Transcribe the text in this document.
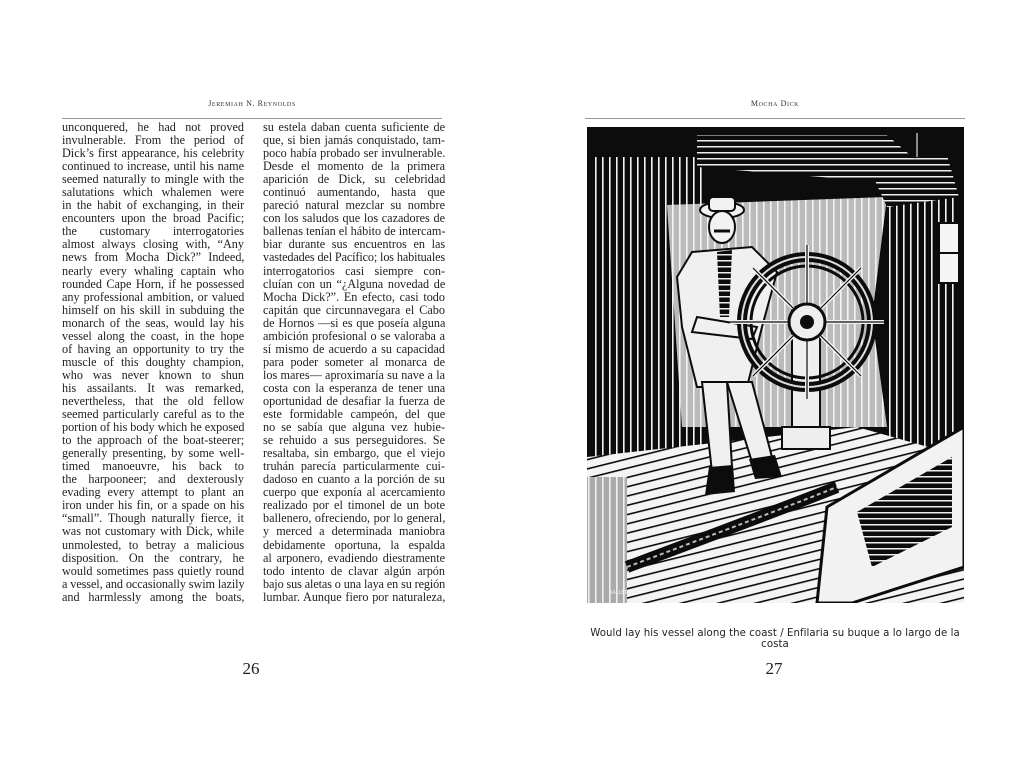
Jeremiah N. Reynolds
unconquered, he had not proved
invulnerable. From the period of
Dick’s first appearance, his celebrity
continued to increase, until his name
seemed naturally to mingle with the
salutations which whalemen were
in the habit of exchanging, in their
encounters upon the broad Pacific;
the customary interrogatories
almost always closing with, “Any
news from Mocha Dick?” Indeed,
nearly every whaling captain who
rounded Cape Horn, if he possessed
any professional ambition, or valued
himself on his skill in subduing the
monarch of the seas, would lay his
vessel along the coast, in the hope
of having an opportunity to try the
muscle of this doughty champion,
who was never known to shun
his assailants. It was remarked,
nevertheless, that the old fellow
seemed particularly careful as to the
portion of his body which he exposed
to the approach of the boat-steerer;
generally presenting, by some well-
timed manoeuvre, his back to
the harpooneer; and dexterously
evading every attempt to plant an
iron under his fin, or a spade on his
“small”. Though naturally fierce, it
was not customary with Dick, while
unmolested, to betray a malicious
disposition. On the contrary, he
would sometimes pass quietly round
a vessel, and occasionally swim lazily
and harmlessly among the boats,
su estela daban cuenta suficiente de
que, si bien jamás conquistado, tam-
poco había probado ser invulnerable.
Desde el momento de la primera
aparición de Dick, su celebridad
continuó aumentando, hasta que
pareció natural mezclar su nombre
con los saludos que los cazadores de
ballenas tenían el hábito de intercam-
biar durante sus encuentros en las
vastedades del Pacífico; los habituales
interrogatorios casi siempre con-
cluían con un “¿Alguna novedad de
Mocha Dick?”. En efecto, casi todo
capitán que circunnavegara el Cabo
de Hornos —si es que poseía alguna
ambición profesional o se valoraba a
sí mismo de acuerdo a su capacidad
para poder someter al monarca de
los mares— aproximaría su nave a la
costa con la esperanza de tener una
oportunidad de desafiar la fuerza de
este formidable campeón, del que
no se sabía que alguna vez hubie-
se rehuido a sus perseguidores. Se
resaltaba, sin embargo, que el viejo
truhán parecía particularmente cui-
dadoso en cuanto a la porción de su
cuerpo que exponía al acercamiento
realizado por el timonel de un bote
ballenero, ofreciendo, por lo general,
y merced a determinada maniobra
debidamente oportuna, la espalda
al arponero, evadiendo diestramente
todo intento de clavar algún arpón
bajo sus aletas o una laya en su región
lumbar. Aunque fiero por naturaleza,
26
Mocha Dick
BALLERA
Would lay his vessel along the coast / Enfilaria su buque a lo largo de la costa
27
